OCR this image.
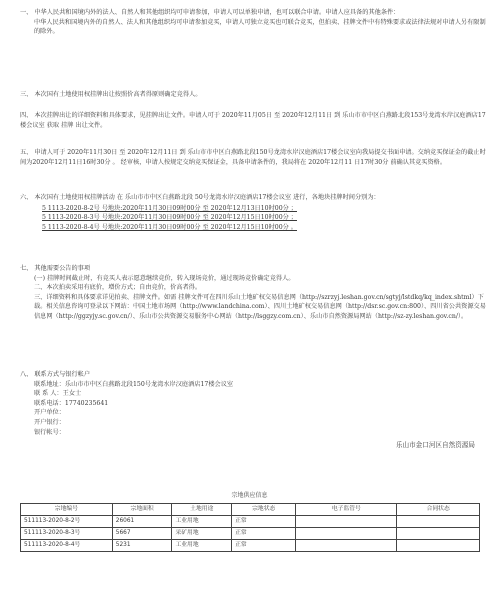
一、 中华人民共和国境内外的法人、自然人和其他组织均可申请参加，申请人可以单独申请，也可以联合申请。申请人应具备的其他条件：

中华人民共和国境内外的自然人、法人和其他组织均可申请参加竞买，申请人可独立竞买也可联合竞买，但拍卖、挂牌文件中有特殊要求或法律法规对申请人另有限制的除外。

三、 本次国有土地使用权挂牌出让按照价高者得原则确定竞得人。

四、 本次挂牌出让的详细资料和具体要求，见挂牌出让文件。申请人可于 2020年11月05日 至 2020年12月11日 到 乐山市市中区白燕路北段153号龙湾水岸汉庭酒店17楼会议室 获取 挂牌 出让文件。

五、 申请人可于 2020年11月30日 至 2020年12月11日 到 乐山市市中区白燕路北段150号龙湾水岸汉庭酒店17楼会议室向我局提交书面申请。交纳竞买保证金的截止时间为2020年12月11日16时30分 。 经审核，申请人按规定交纳竞买保证金，具备申请条件的，我局将在 2020年12月11 日17时30分 前确认其竞买资格。

六、 本次国有土地使用权挂牌活动 在 乐山市市中区白燕路北段 50号龙湾水岸汉庭酒店17楼会议室 进行，各地块挂牌时间分别为：

5 1113-2020-8-2号 号地块:2020年11月30日09时00分 至 2020年12月13日10时00分 ；

5 1113-2020-8-3号 号地块:2020年11月30日09时00分 至 2020年12月15日10时00分 ；

5 1113-2020-8-4号 号地块:2020年11月30日09时00分 至 2020年12月15日10时00分 。

七、 其他需要公告的事项

(一) 挂牌时间截止时，有竞买人表示愿意继续竞价，转入现场竞价，通过现场竞价确定竞得人。

二、本次拍卖采用有底价，增价方式；自由竞价，价高者得。

三、详细资料和具体要求详见拍卖、挂牌文件。如需 挂牌文件可在四川乐山土地矿权交易信息网（http://szrzyj.leshan.gov.cn/sgtyj/lstdkq/kq_index.shtml）下载。相关信息咨询可登录以下网站：中国土地市场网（http://www.landchina.com）、四川土地矿权交易信息网（http://dsr.sc.gov.cn:800）、四川省公共资源交易信息网（http://ggzyjy.sc.gov.cn/）、乐山市公共资源交易服务中心网站（http://lsggzy.com.cn）、乐山市自然资源局网站（http://sz-zy.leshan.gov.cn/）。

八、 联系方式与银行帐户

联系地址：乐山市市中区白燕路北段150号龙湾水岸汉庭酒店17楼会议室

联 系 人：王女士

联系电话：17740235641

开户单位：

开户银行：

银行帐号：

乐山市金口河区自然资源局
宗地供应信息
宗地编号	宗地面积	土地用途	宗地状态	电子监管号	合同状态
511113-2020-8-2号	26061	工业用地	正常		
511113-2020-8-3号	5667	采矿用地	正常		
511113-2020-8-4号	5231	工业用地	正常		
